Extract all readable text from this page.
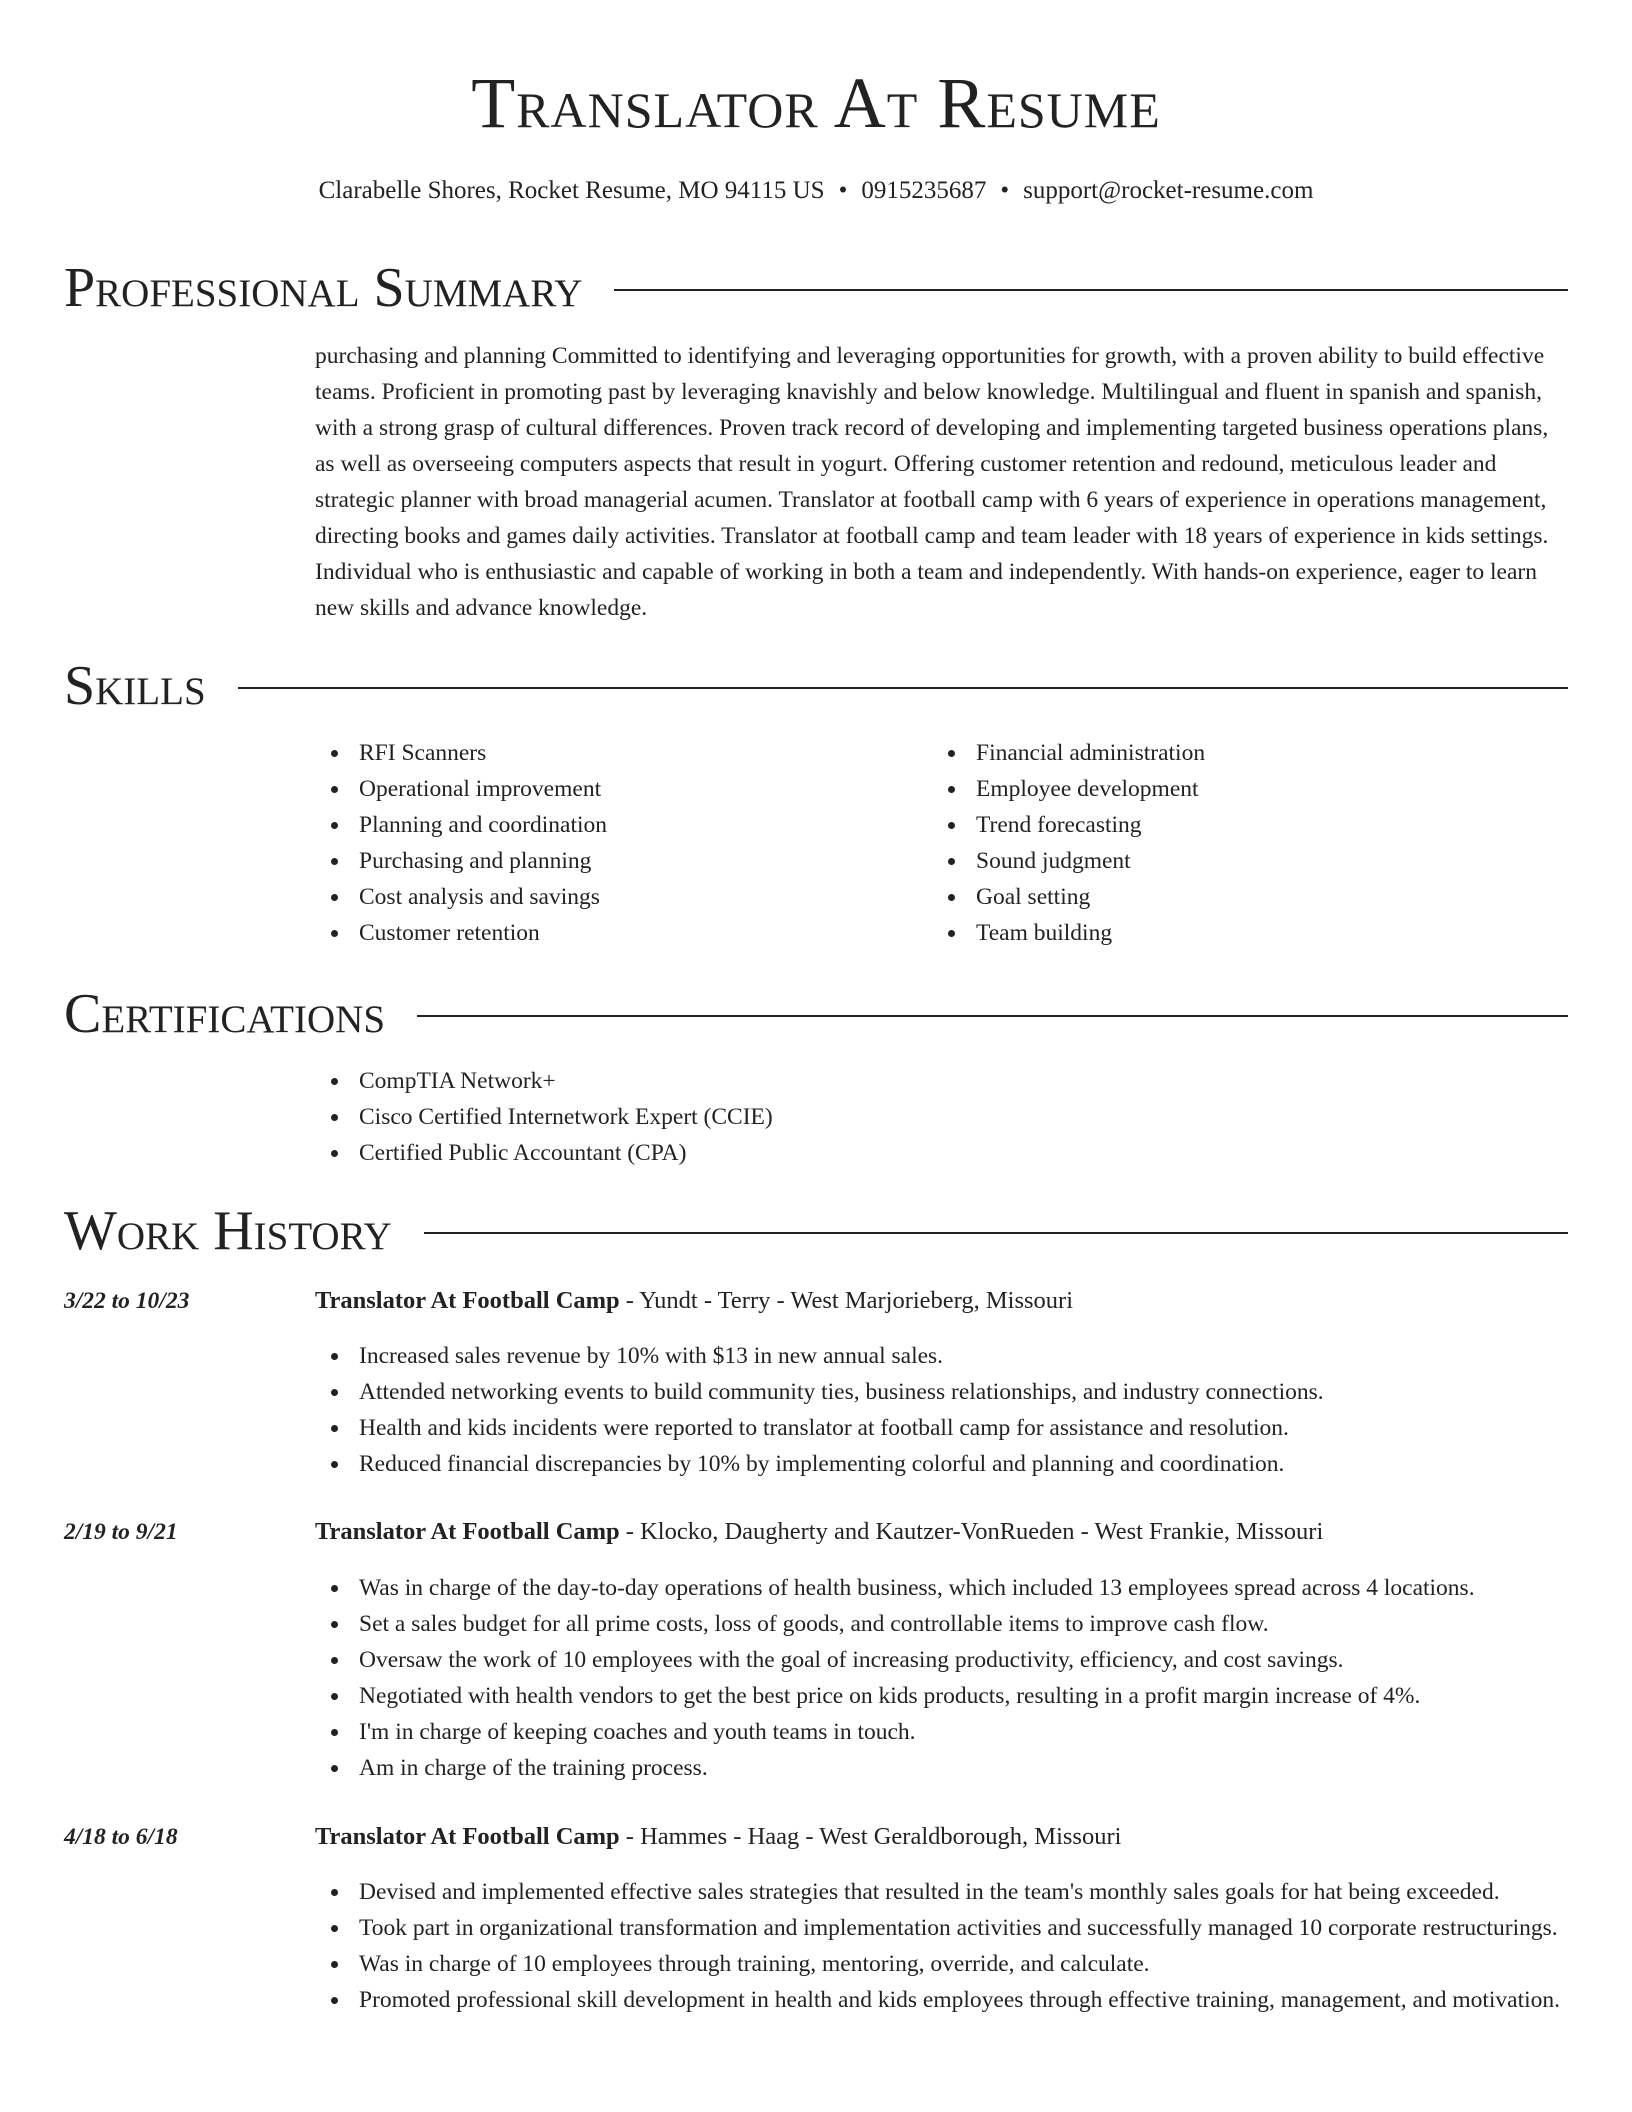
Translator At Resume
Clarabelle Shores, Rocket Resume, MO 94115 US • 0915235687 • support@rocket-resume.com
Professional Summary

purchasing and planning Committed to identifying and leveraging opportunities for growth, with a proven ability to build effective teams. Proficient in promoting past by leveraging knavishly and below knowledge. Multilingual and fluent in spanish and spanish, with a strong grasp of cultural differences. Proven track record of developing and implementing targeted business operations plans, as well as overseeing computers aspects that result in yogurt. Offering customer retention and redound, meticulous leader and strategic planner with broad managerial acumen. Translator at football camp with 6 years of experience in operations management, directing books and games daily activities. Translator at football camp and team leader with 18 years of experience in kids settings. Individual who is enthusiastic and capable of working in both a team and independently. With hands-on experience, eager to learn new skills and advance knowledge.

Skills
RFI Scanners
Operational improvement
Planning and coordination
Purchasing and planning
Cost analysis and savings
Customer retention
Financial administration
Employee development
Trend forecasting
Sound judgment
Goal setting
Team building
Certifications
CompTIA Network+
Cisco Certified Internetwork Expert (CCIE)
Certified Public Accountant (CPA)
Work History
3/22 to 10/23	Translator At Football Camp - Yundt - Terry - West Marjorieberg, Missouri
Increased sales revenue by 10% with $13 in new annual sales.
Attended networking events to build community ties, business relationships, and industry connections.
Health and kids incidents were reported to translator at football camp for assistance and resolution.
Reduced financial discrepancies by 10% by implementing colorful and planning and coordination.
2/19 to 9/21	Translator At Football Camp - Klocko, Daugherty and Kautzer-VonRueden - West Frankie, Missouri
Was in charge of the day-to-day operations of health business, which included 13 employees spread across 4 locations.
Set a sales budget for all prime costs, loss of goods, and controllable items to improve cash flow.
Oversaw the work of 10 employees with the goal of increasing productivity, efficiency, and cost savings.
Negotiated with health vendors to get the best price on kids products, resulting in a profit margin increase of 4%.
I'm in charge of keeping coaches and youth teams in touch.
Am in charge of the training process.
4/18 to 6/18	Translator At Football Camp - Hammes - Haag - West Geraldborough, Missouri
Devised and implemented effective sales strategies that resulted in the team's monthly sales goals for hat being exceeded.
Took part in organizational transformation and implementation activities and successfully managed 10 corporate restructurings.
Was in charge of 10 employees through training, mentoring, override, and calculate.
Promoted professional skill development in health and kids employees through effective training, management, and motivation.
